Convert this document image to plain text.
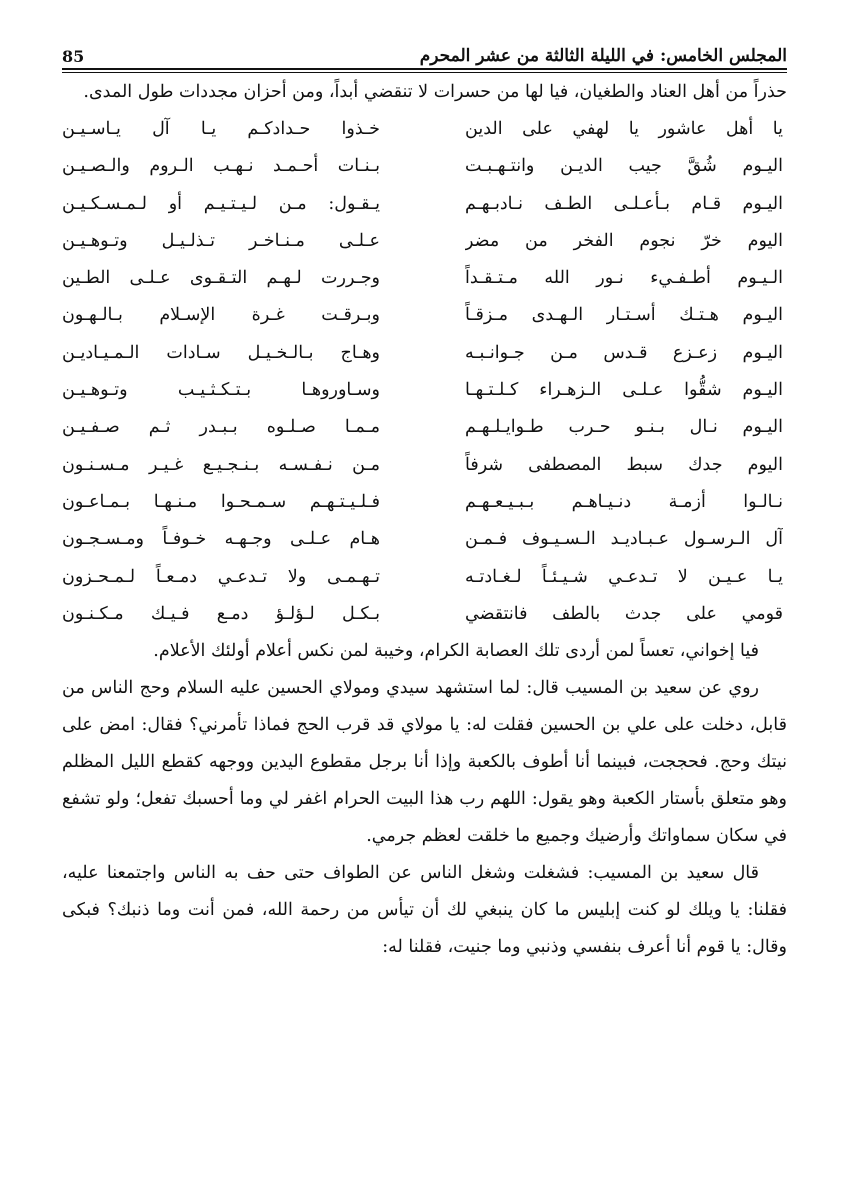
المجلس الخامس: في الليلة الثالثة من عشر المحرم
85

حذراً من أهل العناد والطغيان، فيا لها من حسرات لا تنقضي أبداً، ومن أحزان مجددات طول المدى.

يا أهل عاشور يا لهفي على الدين
خـذوا حـدادكـم يـا آل يـاسـيـن
اليـوم شُقَّ جيب الديـن وانتـهـبـت
بـنـات أحـمـد نـهـب الـروم والـصـيـن
اليـوم قـام بـأعـلـى الطـف نـادبـهـم
يـقـول: مـن لـيـتـيـم أو لـمـسـكـيـن
اليوم خرّ نجوم الفخر من مضر
عـلـى مـنـاخـر تـذلـيـل وتـوهـيـن
الـيـوم أطـفـيء نـور الله مـتـقـداً
وجـررت لـهـم التـقـوى عـلـى الطـين
اليـوم هـتـك أسـتـار الـهـدى مـزقـاً
وبـرقـت غـرة الإسـلام بـالـهـون
اليـوم زعـزع قـدس مـن جـوانـبـه
وهـاج بـالـخـيـل سـادات الـمـيـاديـن
اليـوم شقُّوا عـلـى الـزهـراء كـلـتـهـا
وسـاوروهـا بـتـكـثـيـب وتـوهـيـن
اليـوم نـال بـنـو حـرب طـوايـلـهـم
مـمـا صـلـوه بـبـدر ثـم صـفـيـن
اليوم جدك سبط المصطفى شرفاً
مـن نـفـسـه بـنـجـيـع غـيـر مـسـنـون
نـالـوا أزمـة دنـيـاهـم بـبـيـعـهـم
فـلـيـتـهـم سـمـحـوا مـنـهـا بـمـاعـون
آل الـرسـول عـبـاديـد الـسـيـوف فـمـن
هـام عـلـى وجـهـه خـوفـاً ومـسـجـون
يـا عـيـن لا تـدعـي شـيـئـاً لـغـادتـه
تـهـمـى ولا تـدعـي دمـعـاً لـمـحـزون
قومي على جدث بالطف فانتقضي
بـكـل لـؤلـؤ دمـع فـيـك مـكـنـون

فيا إخواني، تعساً لمن أردى تلك العصابة الكرام، وخيبة لمن نكس أعلام أولئك الأعلام.

روي عن سعيد بن المسيب قال: لما استشهد سيدي ومولاي الحسين عليه السلام وحج الناس من قابل، دخلت على علي بن الحسين فقلت له: يا مولاي قد قرب الحج فماذا تأمرني؟ فقال: امض على نيتك وحج. فحججت، فبينما أنا أطوف بالكعبة وإذا أنا برجل مقطوع اليدين ووجهه كقطع الليل المظلم وهو متعلق بأستار الكعبة وهو يقول: اللهم رب هذا البيت الحرام اغفر لي وما أحسبك تفعل؛ ولو تشفع في سكان سماواتك وأرضيك وجميع ما خلقت لعظم جرمي.

قال سعيد بن المسيب: فشغلت وشغل الناس عن الطواف حتى حف به الناس واجتمعنا عليه، فقلنا: يا ويلك لو كنت إبليس ما كان ينبغي لك أن تيأس من رحمة الله، فمن أنت وما ذنبك؟ فبكى وقال: يا قوم أنا أعرف بنفسي وذنبي وما جنيت، فقلنا له:
